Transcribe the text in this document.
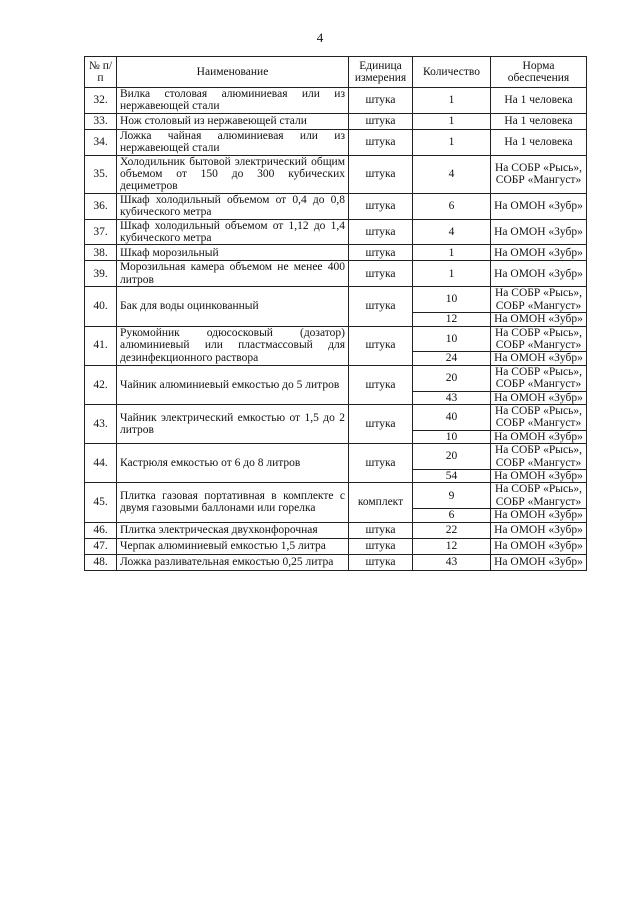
4
№ п/п	Наименование	Единица измерения	Количество	Норма обеспечения
32.	Вилка столовая алюминиевая или из нержавеющей стали	штука	1	На 1 человека
33.	Нож столовый из нержавеющей стали	штука	1	На 1 человека
34.	Ложка чайная алюминиевая или из нержавеющей стали	штука	1	На 1 человека
35.	Холодильник бытовой электрический общим объемом от 150 до 300 кубических дециметров	штука	4	На СОБР «Рысь», СОБР «Мангуст»
36.	Шкаф холодильный объемом от 0,4 до 0,8 кубического метра	штука	6	На ОМОН «Зубр»
37.	Шкаф холодильный объемом от 1,12 до 1,4 кубического метра	штука	4	На ОМОН «Зубр»
38.	Шкаф морозильный	штука	1	На ОМОН «Зубр»
39.	Морозильная камера объемом не менее 400 литров	штука	1	На ОМОН «Зубр»
40.	Бак для воды оцинкованный	штука	10	На СОБР «Рысь», СОБР «Мангуст»
			12	На ОМОН «Зубр»
41.	Рукомойник одюсосковый (дозатор) алюминиевый или пластмассовый для дезинфекционного раствора	штука	10	На СОБР «Рысь», СОБР «Мангуст»
			24	На ОМОН «Зубр»
42.	Чайник алюминиевый емкостью до 5 литров	штука	20	На СОБР «Рысь», СОБР «Мангуст»
			43	На ОМОН «Зубр»
43.	Чайник электрический емкостью от 1,5 до 2 литров	штука	40	На СОБР «Рысь», СОБР «Мангуст»
			10	На ОМОН «Зубр»
44.	Кастрюля емкостью от 6 до 8 литров	штука	20	На СОБР «Рысь», СОБР «Мангуст»
			54	На ОМОН «Зубр»
45.	Плитка газовая портативная в комплекте с двумя газовыми баллонами или горелка	комплект	9	На СОБР «Рысь», СОБР «Мангуст»
			6	На ОМОН «Зубр»
46.	Плитка электрическая двухконфорочная	штука	22	На ОМОН «Зубр»
47.	Черпак алюминиевый емкостью 1,5 литра	штука	12	На ОМОН «Зубр»
48.	Ложка разливательная емкостью 0,25 литра	штука	43	На ОМОН «Зубр»
